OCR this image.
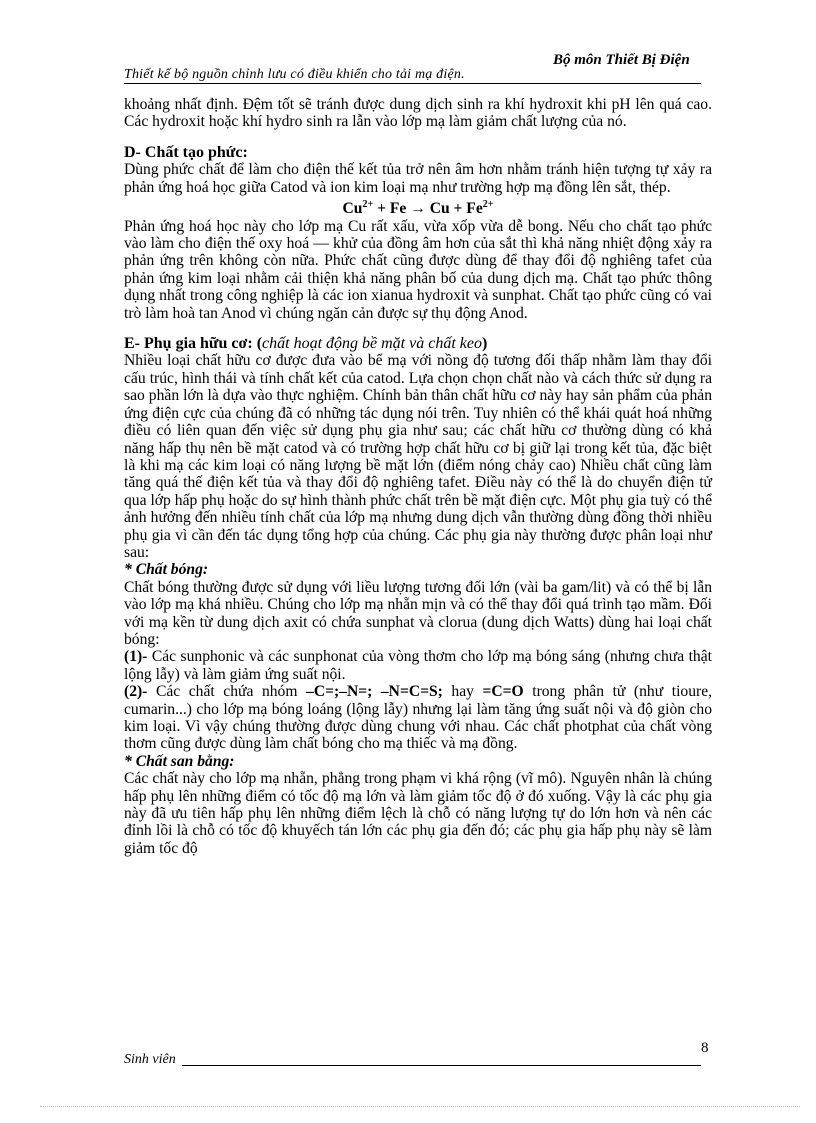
Bộ môn Thiết Bị Điện
Thiết kế bộ nguồn chỉnh lưu có điều khiển cho tải mạ điện.

khoảng nhất định. Đệm tốt sẽ tránh được dung dịch sinh ra khí hydroxit khi pH lên quá cao. Các hydroxit hoặc khí hydro sinh ra lẫn vào lớp mạ làm giảm chất lượng của nó.

D- Chất tạo phức:

Dùng phức chất để làm cho điện thế kết tủa trở nên âm hơn nhằm tránh hiện tượng tự xảy ra phản ứng hoá học giữa Catod và ion kim loại mạ như trường hợp mạ đồng lên sắt, thép.

$Cu^{2+} + Fe \to Cu + Fe^{2+}$

Phản ứng hoá học này cho lớp mạ Cu rất xấu, vừa xốp vừa dễ bong. Nếu cho chất tạo phức vào làm cho điện thế oxy hoá — khử của đồng âm hơn của sắt thì khả năng nhiệt động xảy ra phản ứng trên không còn nữa. Phức chất cũng được dùng để thay đổi độ nghiêng tafet của phản ứng kim loại nhằm cải thiện khả năng phân bố của dung dịch mạ. Chất tạo phức thông dụng nhất trong công nghiệp là các ion xianua hydroxit và sunphat. Chất tạo phức cũng có vai trò làm hoà tan Anod vì chúng ngăn cản được sự thụ động Anod.

E- Phụ gia hữu cơ: (chất hoạt động bề mặt và chất keo)

Nhiều loại chất hữu cơ được đưa vào bể mạ với nồng độ tương đối thấp nhằm làm thay đổi cấu trúc, hình thái và tính chất kết của catod. Lựa chọn chọn chất nào và cách thức sử dụng ra sao phần lớn là dựa vào thực nghiệm. Chính bản thân chất hữu cơ này hay sản phẩm của phản ứng điện cực của chúng đã có những tác dụng nói trên. Tuy nhiên có thể khái quát hoá những điều có liên quan đến việc sử dụng phụ gia như sau; các chất hữu cơ thường dùng có khả năng hấp thụ nên bề mặt catod và có trường hợp chất hữu cơ bị giữ lại trong kết tủa, đặc biệt là khi mạ các kim loại có năng lượng bề mặt lớn (điểm nóng chảy cao) Nhiều chất cũng làm tăng quá thế điện kết tủa và thay đổi độ nghiêng tafet. Điều này có thể là do chuyển điện tử qua lớp hấp phụ hoặc do sự hình thành phức chất trên bề mặt điện cực. Một phụ gia tuỳ có thể ảnh hưởng đến nhiều tính chất của lớp mạ nhưng dung dịch vẫn thường dùng đồng thời nhiều phụ gia vì cần đến tác dụng tổng hợp của chúng. Các phụ gia này thường được phân loại như sau:

* Chất bóng:

Chất bóng thường được sử dụng với liều lượng tương đối lớn (vài ba gam/lit) và có thể bị lẫn vào lớp mạ khá nhiều. Chúng cho lớp mạ nhẵn mịn và có thể thay đổi quá trình tạo mầm. Đối với mạ kền từ dung dịch axit có chứa sunphat và clorua (dung dịch Watts) dùng hai loại chất bóng:

(1)- Các sunphonic và các sunphonat của vòng thơm cho lớp mạ bóng sáng (nhưng chưa thật lộng lẫy) và làm giảm ứng suất nội.

(2)- Các chất chứa nhóm –C=;–N=; –N=C=S; hay =C=O trong phân tử (như tioure, cumarin...) cho lớp mạ bóng loáng (lộng lẫy) nhưng lại làm tăng ứng suất nội và độ giòn cho kim loại. Vì vậy chúng thường được dùng chung với nhau. Các chất photphat của chất vòng thơm cũng được dùng làm chất bóng cho mạ thiếc và mạ đồng.

* Chất san bằng:

Các chất này cho lớp mạ nhẵn, phẳng trong phạm vi khá rộng (vĩ mô). Nguyên nhân là chúng hấp phụ lên những điểm có tốc độ mạ lớn và làm giảm tốc độ ở đó xuống. Vậy là các phụ gia này đã ưu tiên hấp phụ lên những điểm lệch là chỗ có năng lượng tự do lớn hơn và nên các đỉnh lồi là chỗ có tốc độ khuyếch tán lớn các phụ gia đến đó; các phụ gia hấp phụ này sẽ làm giảm tốc độ

8
Sinh viên
